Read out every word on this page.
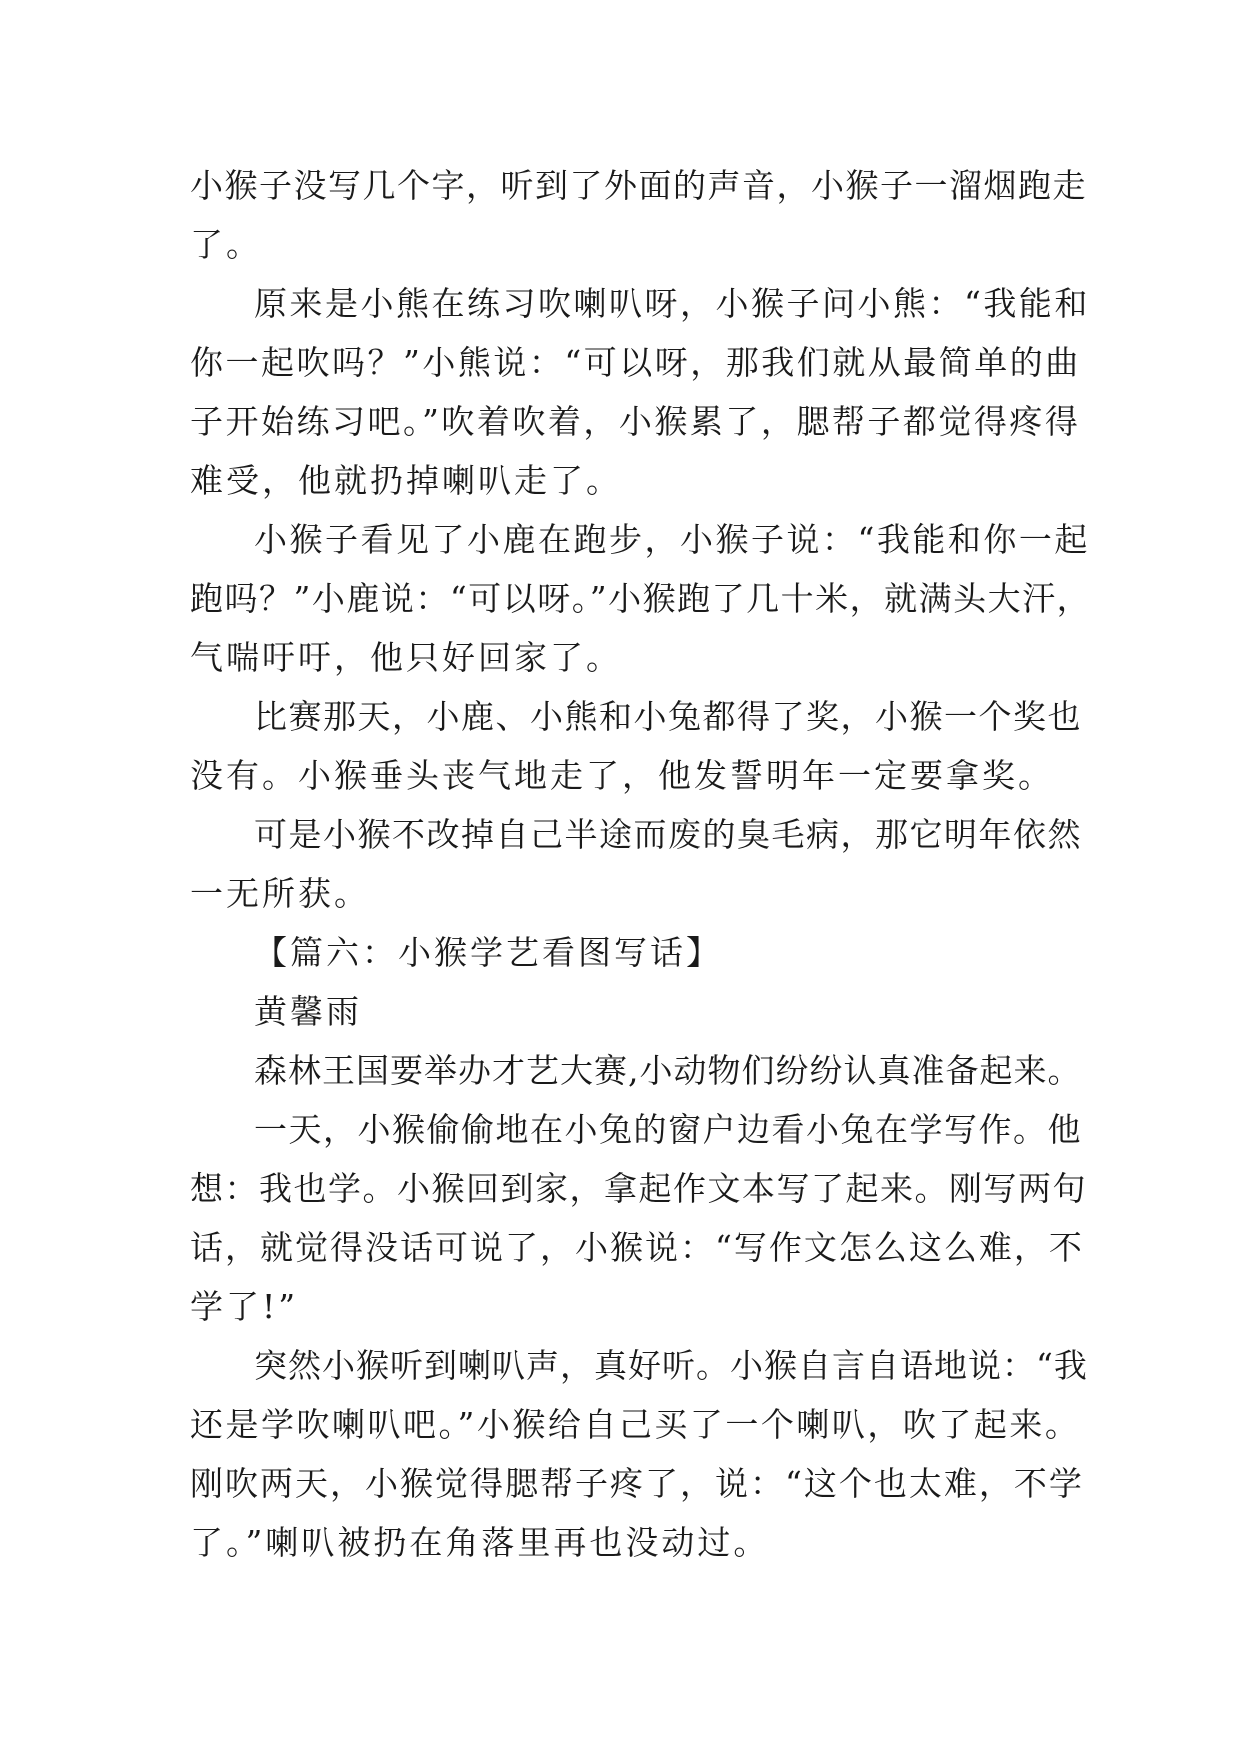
小猴子没写几个字，听到了外面的声音，小猴子一溜烟跑走
了。
原来是小熊在练习吹喇叭呀，小猴子问小熊：“我能和
你一起吹吗？”小熊说：“可以呀，那我们就从最简单的曲
子开始练习吧。”吹着吹着，小猴累了，腮帮子都觉得疼得
难受，他就扔掉喇叭走了。
小猴子看见了小鹿在跑步，小猴子说：“我能和你一起
跑吗？”小鹿说：“可以呀。”小猴跑了几十米，就满头大汗，
气喘吁吁，他只好回家了。
比赛那天，小鹿、小熊和小兔都得了奖，小猴一个奖也
没有。小猴垂头丧气地走了，他发誓明年一定要拿奖。
可是小猴不改掉自己半途而废的臭毛病，那它明年依然
一无所获。
【篇六：小猴学艺看图写话】
黄馨雨
森林王国要举办才艺大赛,小动物们纷纷认真准备起来。
一天，小猴偷偷地在小兔的窗户边看小兔在学写作。他
想：我也学。小猴回到家，拿起作文本写了起来。刚写两句
话，就觉得没话可说了，小猴说：“写作文怎么这么难，不
学了!”
突然小猴听到喇叭声，真好听。小猴自言自语地说：“我
还是学吹喇叭吧。”小猴给自己买了一个喇叭，吹了起来。
刚吹两天，小猴觉得腮帮子疼了，说：“这个也太难，不学
了。”喇叭被扔在角落里再也没动过。
